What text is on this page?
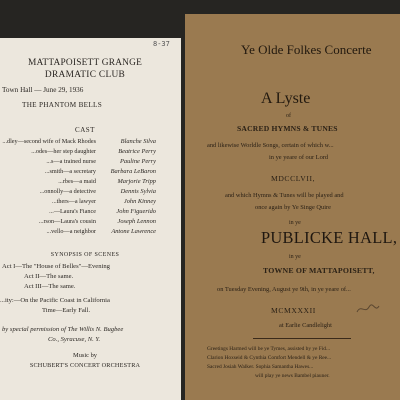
8-37
MATTAPOISETT GRANGE
DRAMATIC CLUB
Town Hall — June 29, 1936
THE PHANTOM BELLS
CAST
...dley—second wife of Mack Rhodes	Blanche Silva
...odes—her step daughter	Beatrice Perry
...s—a trained nurse	Pauline Perry
...smith—a secretary	Barbara LeBaron
...rbes—a maid	Marjorie Tripp
...onnolly—a detective	Dennis Sylvia
...thers—a lawyer	John Kinney
...—Laura's Fiance	John Figuerido
...rson—Laura's cousin	Joseph Lennon
...vello—a neighbor	Antone Lawrence
SYNOPSIS OF SCENES
Act I—The "House of Belles"—Evening
Act II—The same.
Act III—The same.
...ity:—On the Pacific Coast in California
Time—Early Fall.
by special permission of The Willis N. Bugbee
Co., Syracuse, N. Y.
Music by
SCHUBERT'S CONCERT ORCHESTRA
Ye Olde Folkes Concerte
A Lyste
of
SACRED HYMNS & TUNES
and likewise Worldle Songs, certain of which w...
in ye yeare of our Lord
MDCCLVII,
and which Hymns & Tunes will be played and
once again by Ye Singe Quire
in ye
PUBLICKE HALL,
in ye
TOWNE OF MATTAPOISETT,
on Tuesday Evening, August ye 9th, in ye yeare of...
MCMXXXII
at Earlie Candlelight
Greetings Harmed will be ye Tymes, assisted by ye Fid...
Clarion Hoxseid & Cynthia Comfort Mendell & ye Ree...
Sacred Josiah Walker. Sophia Samantha Hawes...
will play ye news Bambel piauner.
